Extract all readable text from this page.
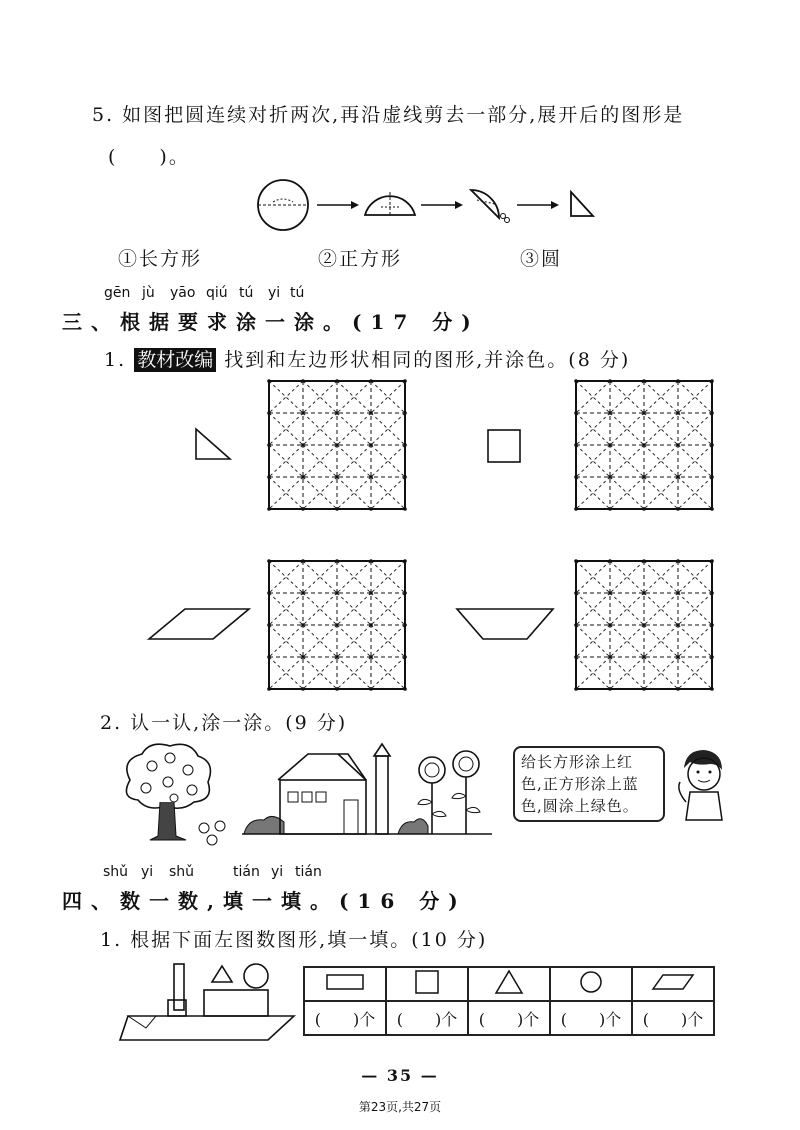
5. 如图把圆连续对折两次,再沿虚线剪去一部分,展开后的图形是
(　　)。
①长方形	②正方形	③圆
gēn jù yāo qiú tú yi tú
三、根据要求涂一涂。(17 分)
1. 教材改编 找到和左边形状相同的图形,并涂色。(8 分)
2. 认一认,涂一涂。(9 分)
给长方形涂上红
色,正方形涂上蓝
色,圆涂上绿色。
shǔ yi shǔ	tián yi tián
四、数一数,填一填。(16 分)
1. 根据下面左图数图形,填一填。(10 分)

(　　)个	(　　)个	(　　)个	(　　)个	(　　)个
— 35 —
第23页,共27页
